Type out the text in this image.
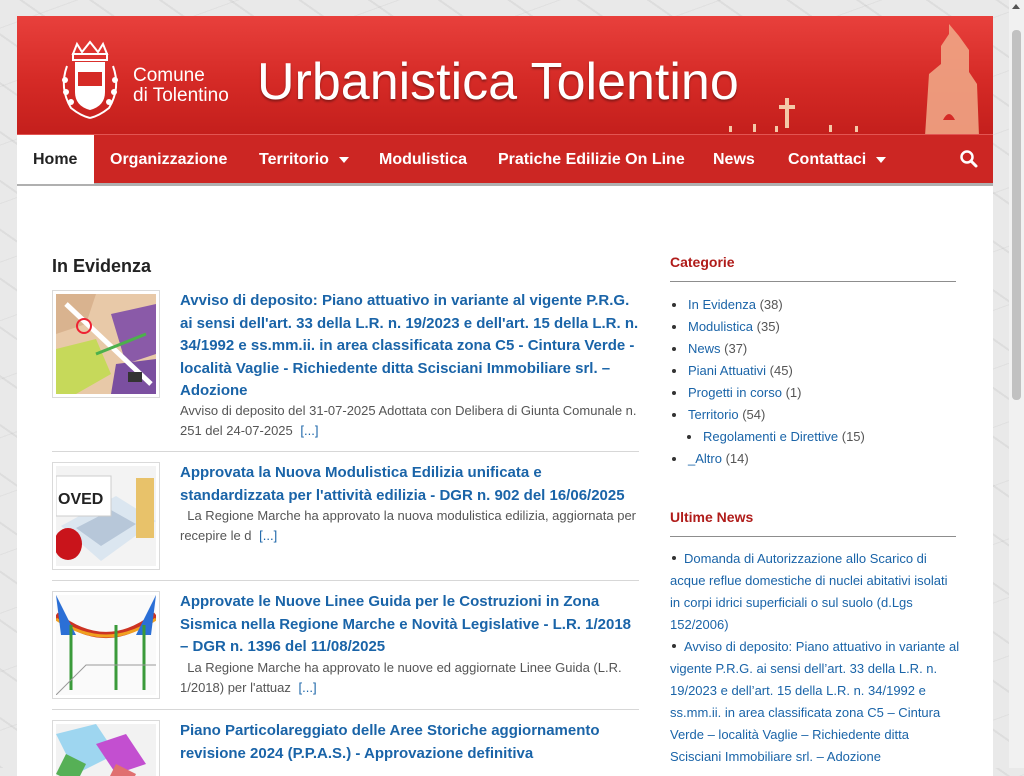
Comune
di Tolentino Urbanistica Tolentino
Home	Organizzazione	Territorio	Modulistica	Pratiche Edilizie On Line	News	Contattaci
In Evidenza
Avviso di deposito: Piano attuativo in variante al vigente P.R.G. ai sensi dell'art. 33 della L.R. n. 19/2023 e dell'art. 15 della L.R. n. 34/1992 e ss.mm.ii. in area classificata zona C5 - Cintura Verde - località Vaglie - Richiedente ditta Scisciani Immobiliare srl. – Adozione
Avviso di deposito del 31-07-2025 Adottata con Delibera di Giunta Comunale n. 251 del 24-07-2025 [...]
OVED
Approvata la Nuova Modulistica Edilizia unificata e standardizzata per l'attività edilizia - DGR n. 902 del 16/06/2025
La Regione Marche ha approvato la nuova modulistica edilizia, aggiornata per recepire le d [...]
Approvate le Nuove Linee Guida per le Costruzioni in Zona Sismica nella Regione Marche e Novità Legislative - L.R. 1/2018 – DGR n. 1396 del 11/08/2025
La Regione Marche ha approvato le nuove ed aggiornate Linee Guida (L.R. 1/2018) per l'attuaz [...]
Piano Particolareggiato delle Aree Storiche aggiornamento revisione 2024 (P.P.A.S.) - Approvazione definitiva
Categorie
In Evidenza (38)
Modulistica (35)
News (37)
Piani Attuativi (45)
Progetti in corso (1)
Territorio (54)
Regolamenti e Direttive (15)
_Altro (14)
Ultime News
Domanda di Autorizzazione allo Scarico di acque reflue domestiche di nuclei abitativi isolati in corpi idrici superficiali o sul suolo (d.Lgs 152/2006)
Avviso di deposito: Piano attuativo in variante al vigente P.R.G. ai sensi dell’art. 33 della L.R. n. 19/2023 e dell’art. 15 della L.R. n. 34/1992 e ss.mm.ii. in area classificata zona C5 – Cintura Verde – località Vaglie – Richiedente ditta Scisciani Immobiliare srl. – Adozione
